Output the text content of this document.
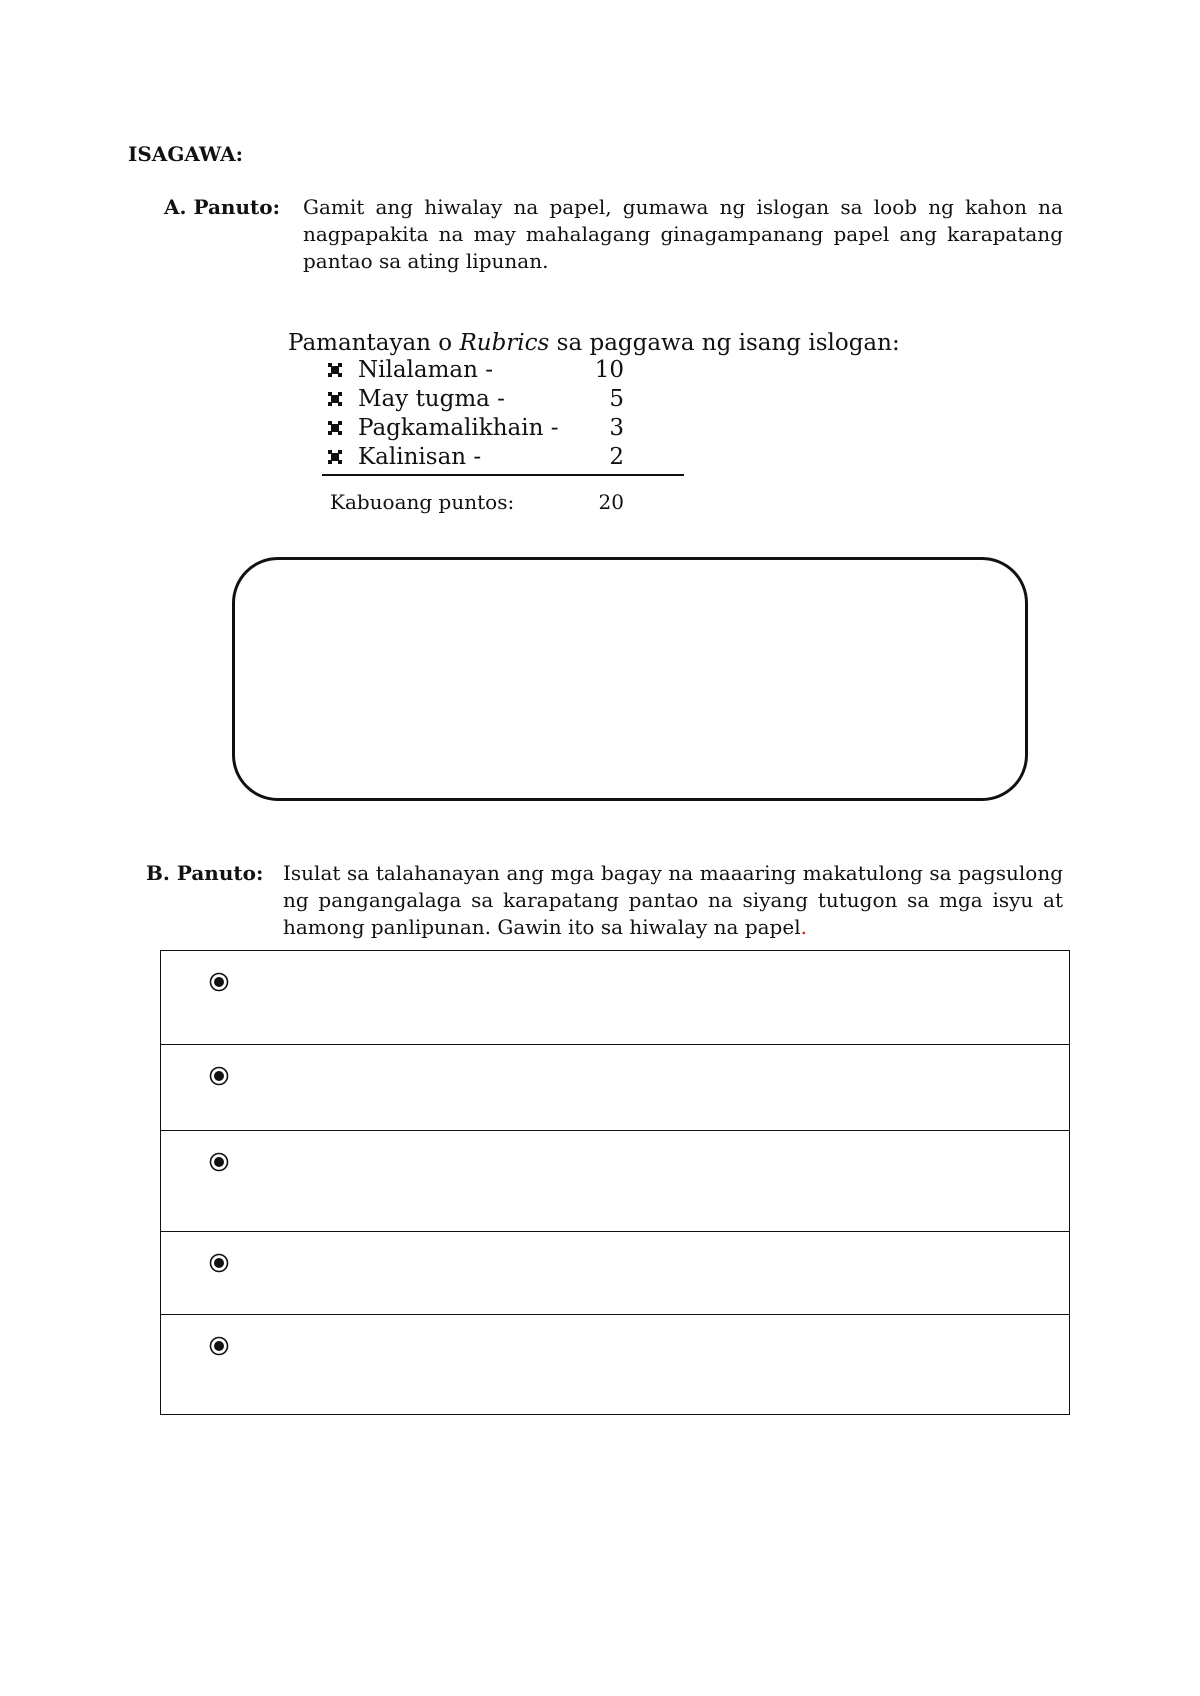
ISAGAWA:
A. Panuto: Gamit ang hiwalay na papel, gumawa ng islogan sa loob ng kahon na nagpapakita na may mahalagang ginagampanang papel ang karapatang pantao sa ating lipunan.
Pamantayan o Rubrics sa paggawa ng isang islogan:
Nilalaman -	10
May tugma -	5
Pagkamalikhain -	3
Kalinisan -	2
Kabuoang puntos:	20
B. Panuto: Isulat sa talahanayan ang mga bagay na maaaring makatulong sa pagsulong ng pangangalaga sa karapatang pantao na siyang tutugon sa mga isyu at hamong panlipunan. Gawin ito sa hiwalay na papel.
